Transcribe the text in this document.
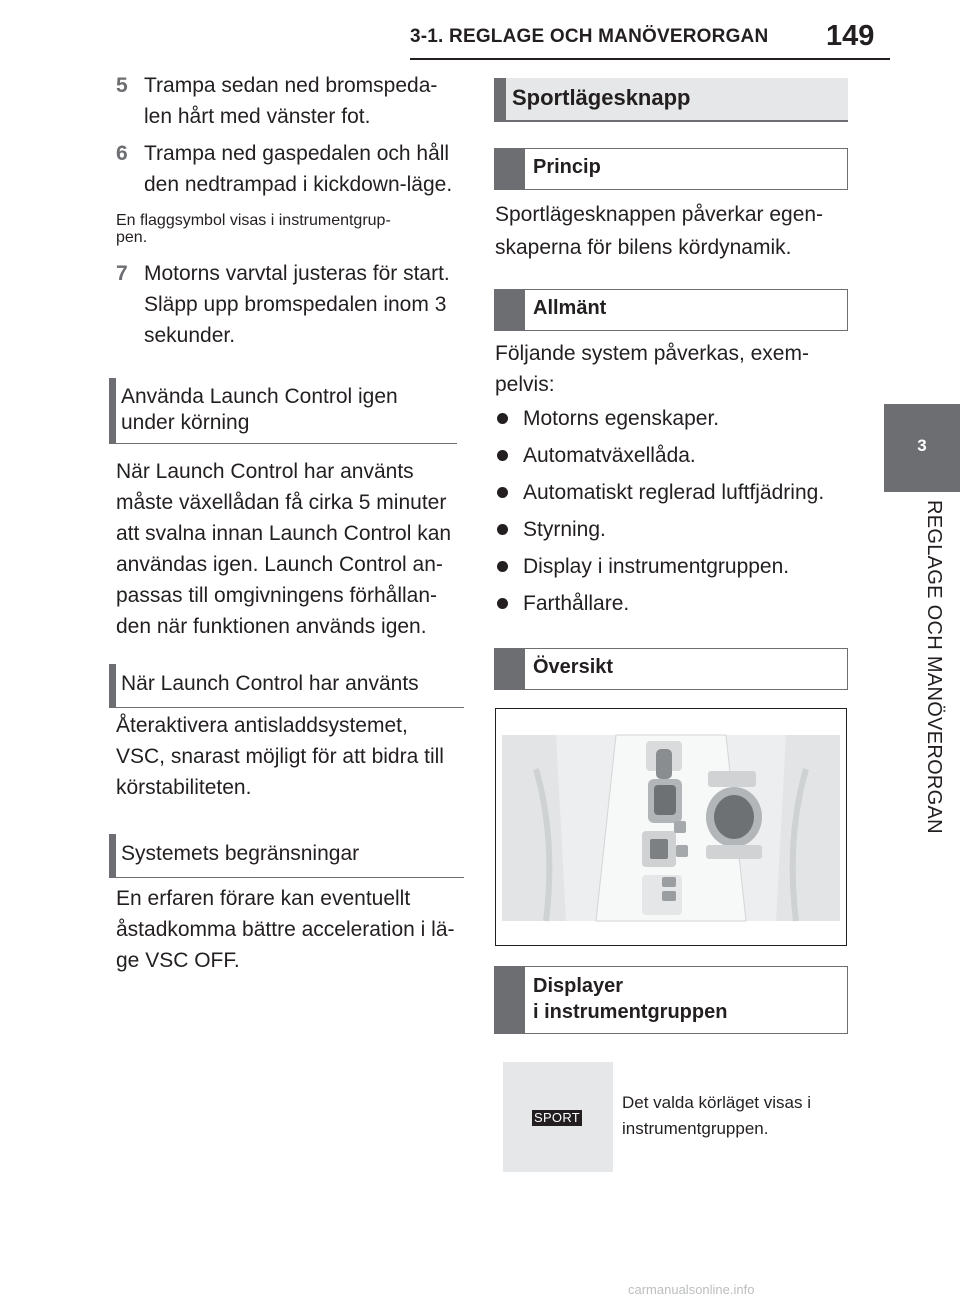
3-1. REGLAGE OCH MANÖVERORGAN 149
3
REGLAGE OCH MANÖVERORGAN
5 Trampa sedan ned bromspeda-
len hårt med vänster fot.
6 Trampa ned gaspedalen och håll
den nedtrampad i kickdown-läge.
En flaggsymbol visas i instrumentgrup-
pen.
7 Motorns varvtal justeras för start.
Släpp upp bromspedalen inom 3
sekunder.
Använda Launch Control igen
under körning
När Launch Control har använts
måste växellådan få cirka 5 minuter
att svalna innan Launch Control kan
användas igen. Launch Control an-
passas till omgivningens förhållan-
den när funktionen används igen.
När Launch Control har använts
Återaktivera antisladdsystemet,
VSC, snarast möjligt för att bidra till
körstabiliteten.
Systemets begränsningar
En erfaren förare kan eventuellt
åstadkomma bättre acceleration i lä-
ge VSC OFF.
Sportlägesknapp
Princip
Sportlägesknappen påverkar egen-
skaperna för bilens kördynamik.
Allmänt
Följande system påverkas, exem-
pelvis:
Motorns egenskaper.
Automatväxellåda.
Automatiskt reglerad luftfjädring.
Styrning.
Display i instrumentgruppen.
Farthållare.
Översikt
Displayer
i instrumentgruppen
SPORT
Det valda körläget visas i
instrumentgruppen.
carmanualsonline.info
